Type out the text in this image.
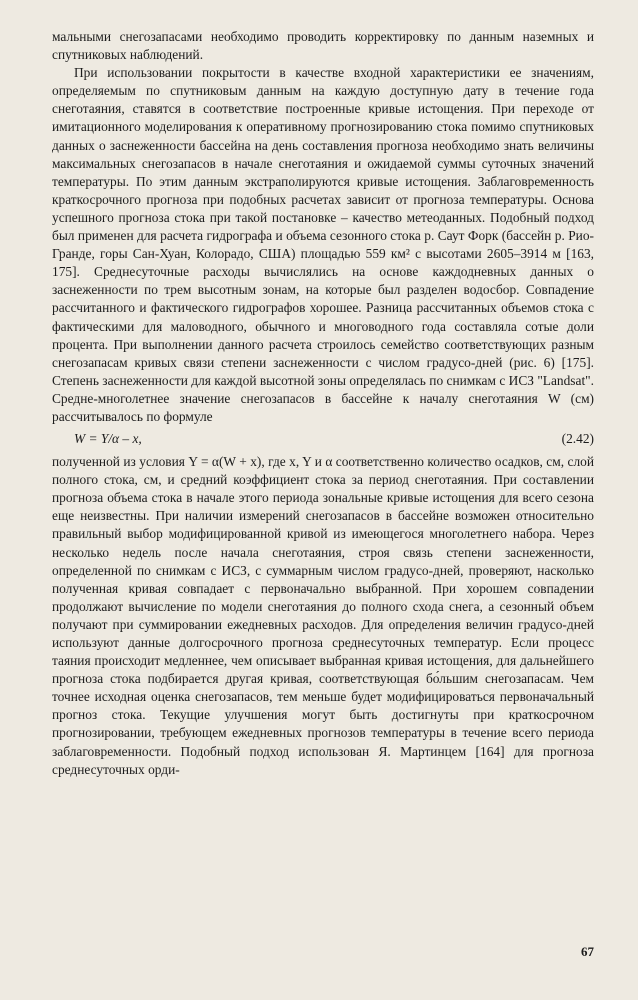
мальными снегозапасами необходимо проводить корректировку по данным наземных и спутниковых наблюдений.

При использовании покрытости в качестве входной характеристики ее значениям, определяемым по спутниковым данным на каждую доступную дату в течение года снеготаяния, ставятся в соответствие построенные кривые истощения. При переходе от имитационного моделирования к оперативному прогнозированию стока помимо спутниковых данных о заснеженности бассейна на день составления прогноза необходимо знать величины максимальных снегозапасов в начале снеготаяния и ожидаемой суммы суточных значений температуры. По этим данным экстраполируются кривые истощения. Заблаговременность краткосрочного прогноза при подобных расчетах зависит от прогноза температуры. Основа успешного прогноза стока при такой постановке – качество метеоданных. Подобный подход был применен для расчета гидрографа и объема сезонного стока р. Саут Форк (бассейн р. Рио-Гранде, горы Сан-Хуан, Колорадо, США) площадью 559 км² с высотами 2605–3914 м [163, 175]. Среднесуточные расходы вычислялись на основе каждодневных данных о заснеженности по трем высотным зонам, на которые был разделен водосбор. Совпадение рассчитанного и фактического гидрографов хорошее. Разница рассчитанных объемов стока с фактическими для маловодного, обычного и многоводного года составляла сотые доли процента. При выполнении данного расчета строилось семейство соответствующих разным снегозапасам кривых связи степени заснеженности с числом градусо-дней (рис. 6) [175]. Степень заснеженности для каждой высотной зоны определялась по снимкам с ИСЗ "Landsat". Средне-многолетнее значение снегозапасов в бассейне к началу снеготаяния W (см) рассчитывалось по формуле

W = Y/α – x,	(2.42)

полученной из условия Y = α(W + x), где x, Y и α соответственно количество осадков, см, слой полного стока, см, и средний коэффициент стока за период снеготаяния. При составлении прогноза объема стока в начале этого периода зональные кривые истощения для всего сезона еще неизвестны. При наличии измерений снегозапасов в бассейне возможен относительно правильный выбор модифицированной кривой из имеющегося многолетнего набора. Через несколько недель после начала снеготаяния, строя связь степени заснеженности, определенной по снимкам с ИСЗ, с суммарным числом градусо-дней, проверяют, насколько полученная кривая совпадает с первоначально выбранной. При хорошем совпадении продолжают вычисление по модели снеготаяния до полного схода снега, а сезонный объем получают при суммировании ежедневных расходов. Для определения величин градусо-дней используют данные долгосрочного прогноза среднесуточных температур. Если процесс таяния происходит медленнее, чем описывает выбранная кривая истощения, для дальнейшего прогноза стока подбирается другая кривая, соответствующая бо́льшим снегозапасам. Чем точнее исходная оценка снегозапасов, тем меньше будет модифицироваться первоначальный прогноз стока. Текущие улучшения могут быть достигнуты при краткосрочном прогнозировании, требующем ежедневных прогнозов температуры в течение всего периода заблаговременности. Подобный подход использован Я. Мартинцем [164] для прогноза среднесуточных орди-

67
